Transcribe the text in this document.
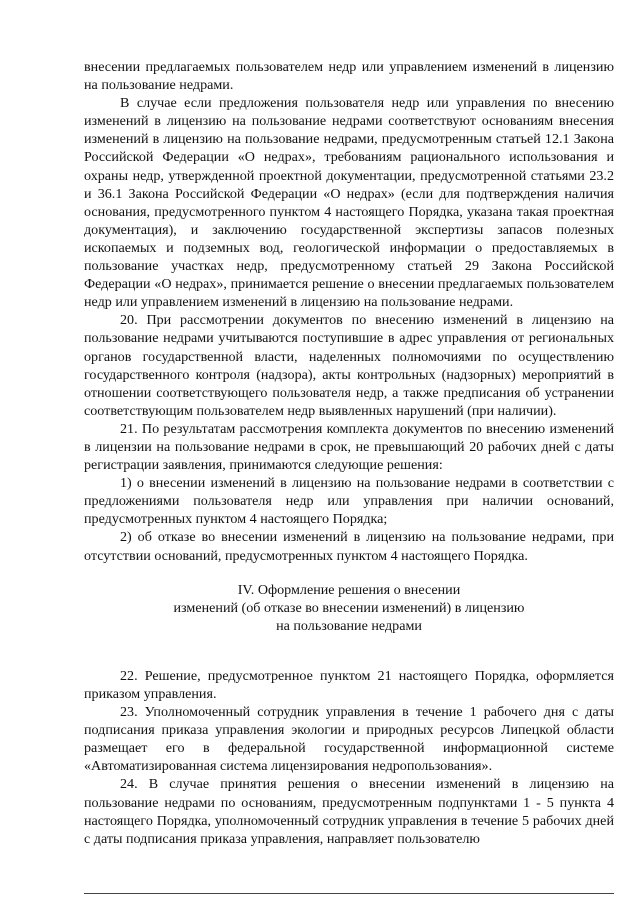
внесении предлагаемых пользователем недр или управлением изменений в лицензию на пользование недрами.

В случае если предложения пользователя недр или управления по внесению изменений в лицензию на пользование недрами соответствуют основаниям внесения изменений в лицензию на пользование недрами, предусмотренным статьей 12.1 Закона Российской Федерации «О недрах», требованиям рационального использования и охраны недр, утвержденной проектной документации, предусмотренной статьями 23.2 и 36.1 Закона Российской Федерации «О недрах» (если для подтверждения наличия основания, предусмотренного пунктом 4 настоящего Порядка, указана такая проектная документация), и заключению государственной экспертизы запасов полезных ископаемых и подземных вод, геологической информации о предоставляемых в пользование участках недр, предусмотренному статьей 29 Закона Российской Федерации «О недрах», принимается решение о внесении предлагаемых пользователем недр или управлением изменений в лицензию на пользование недрами.

20. При рассмотрении документов по внесению изменений в лицензию на пользование недрами учитываются поступившие в адрес управления от региональных органов государственной власти, наделенных полномочиями по осуществлению государственного контроля (надзора), акты контрольных (надзорных) мероприятий в отношении соответствующего пользователя недр, а также предписания об устранении соответствующим пользователем недр выявленных нарушений (при наличии).

21. По результатам рассмотрения комплекта документов по внесению изменений в лицензии на пользование недрами в срок, не превышающий 20 рабочих дней с даты регистрации заявления, принимаются следующие решения:

1) о внесении изменений в лицензию на пользование недрами в соответствии с предложениями пользователя недр или управления при наличии оснований, предусмотренных пунктом 4 настоящего Порядка;

2) об отказе во внесении изменений в лицензию на пользование недрами, при отсутствии оснований, предусмотренных пунктом 4 настоящего Порядка.

IV. Оформление решения о внесении
изменений (об отказе во внесении изменений) в лицензию
на пользование недрами

22. Решение, предусмотренное пунктом 21 настоящего Порядка, оформляется приказом управления.

23. Уполномоченный сотрудник управления в течение 1 рабочего дня с даты подписания приказа управления экологии и природных ресурсов Липецкой области размещает его в федеральной государственной информационной системе «Автоматизированная система лицензирования недропользования».

24. В случае принятия решения о внесении изменений в лицензию на пользование недрами по основаниям, предусмотренным подпунктами 1 - 5 пункта 4 настоящего Порядка, уполномоченный сотрудник управления в течение 5 рабочих дней с даты подписания приказа управления, направляет пользователю
